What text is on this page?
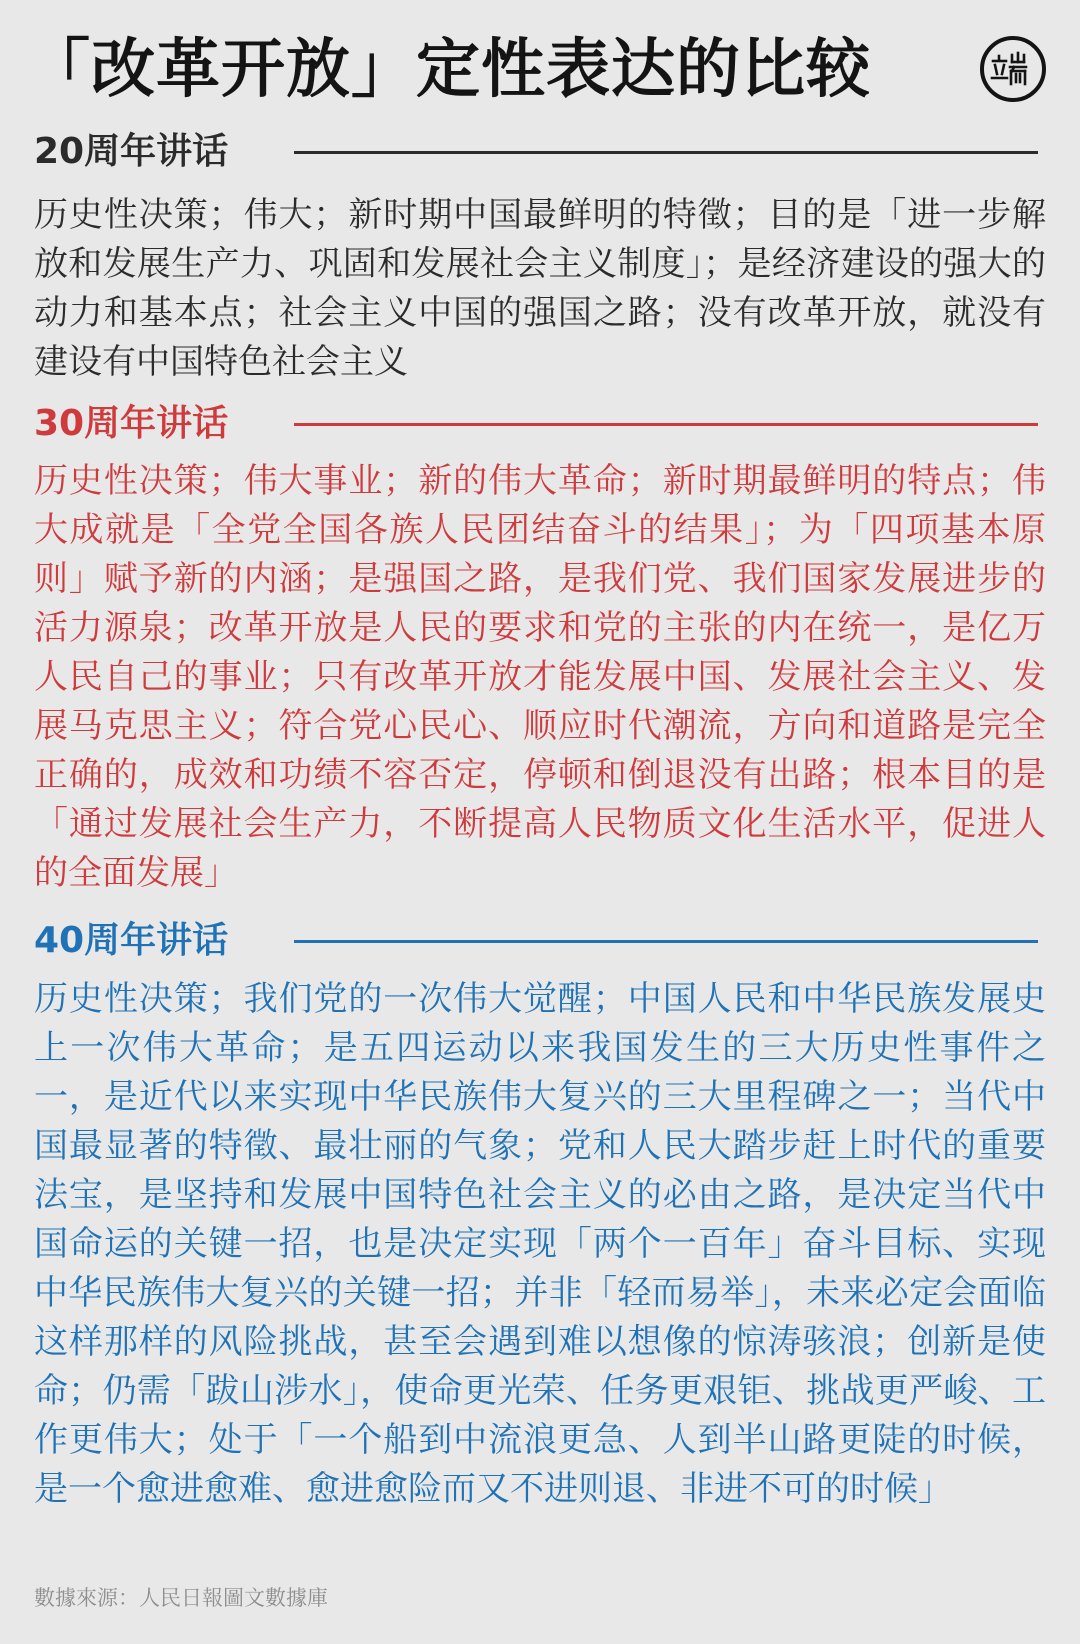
「改革开放」定性表达的比较
20周年讲话

历史性决策；伟大；新时期中国最鲜明的特徵；目的是「进一步解放和发展生产力、巩固和发展社会主义制度」；是经济建设的强大的动力和基本点；社会主义中国的强国之路；没有改革开放，就没有建设有中国特色社会主义

30周年讲话

历史性决策；伟大事业；新的伟大革命；新时期最鲜明的特点；伟大成就是「全党全国各族人民团结奋斗的结果」；为「四项基本原则」赋予新的内涵；是强国之路，是我们党、我们国家发展进步的活力源泉；改革开放是人民的要求和党的主张的内在统一，是亿万人民自己的事业；只有改革开放才能发展中国、发展社会主义、发展马克思主义；符合党心民心、顺应时代潮流，方向和道路是完全正确的，成效和功绩不容否定，停顿和倒退没有出路；根本目的是「通过发展社会生产力，不断提高人民物质文化生活水平，促进人的全面发展」

40周年讲话

历史性决策；我们党的一次伟大觉醒；中国人民和中华民族发展史上一次伟大革命；是五四运动以来我国发生的三大历史性事件之一，是近代以来实现中华民族伟大复兴的三大里程碑之一；当代中国最显著的特徵、最壮丽的气象；党和人民大踏步赶上时代的重要法宝，是坚持和发展中国特色社会主义的必由之路，是决定当代中国命运的关键一招，也是决定实现「两个一百年」奋斗目标、实现中华民族伟大复兴的关键一招；并非「轻而易举」，未来必定会面临这样那样的风险挑战，甚至会遇到难以想像的惊涛骇浪；创新是使命；仍需「跋山涉水」，使命更光荣、任务更艰钜、挑战更严峻、工作更伟大；处于「一个船到中流浪更急、人到半山路更陡的时候，是一个愈进愈难、愈进愈险而又不进则退、非进不可的时候」

數據來源：人民日報圖文數據庫
